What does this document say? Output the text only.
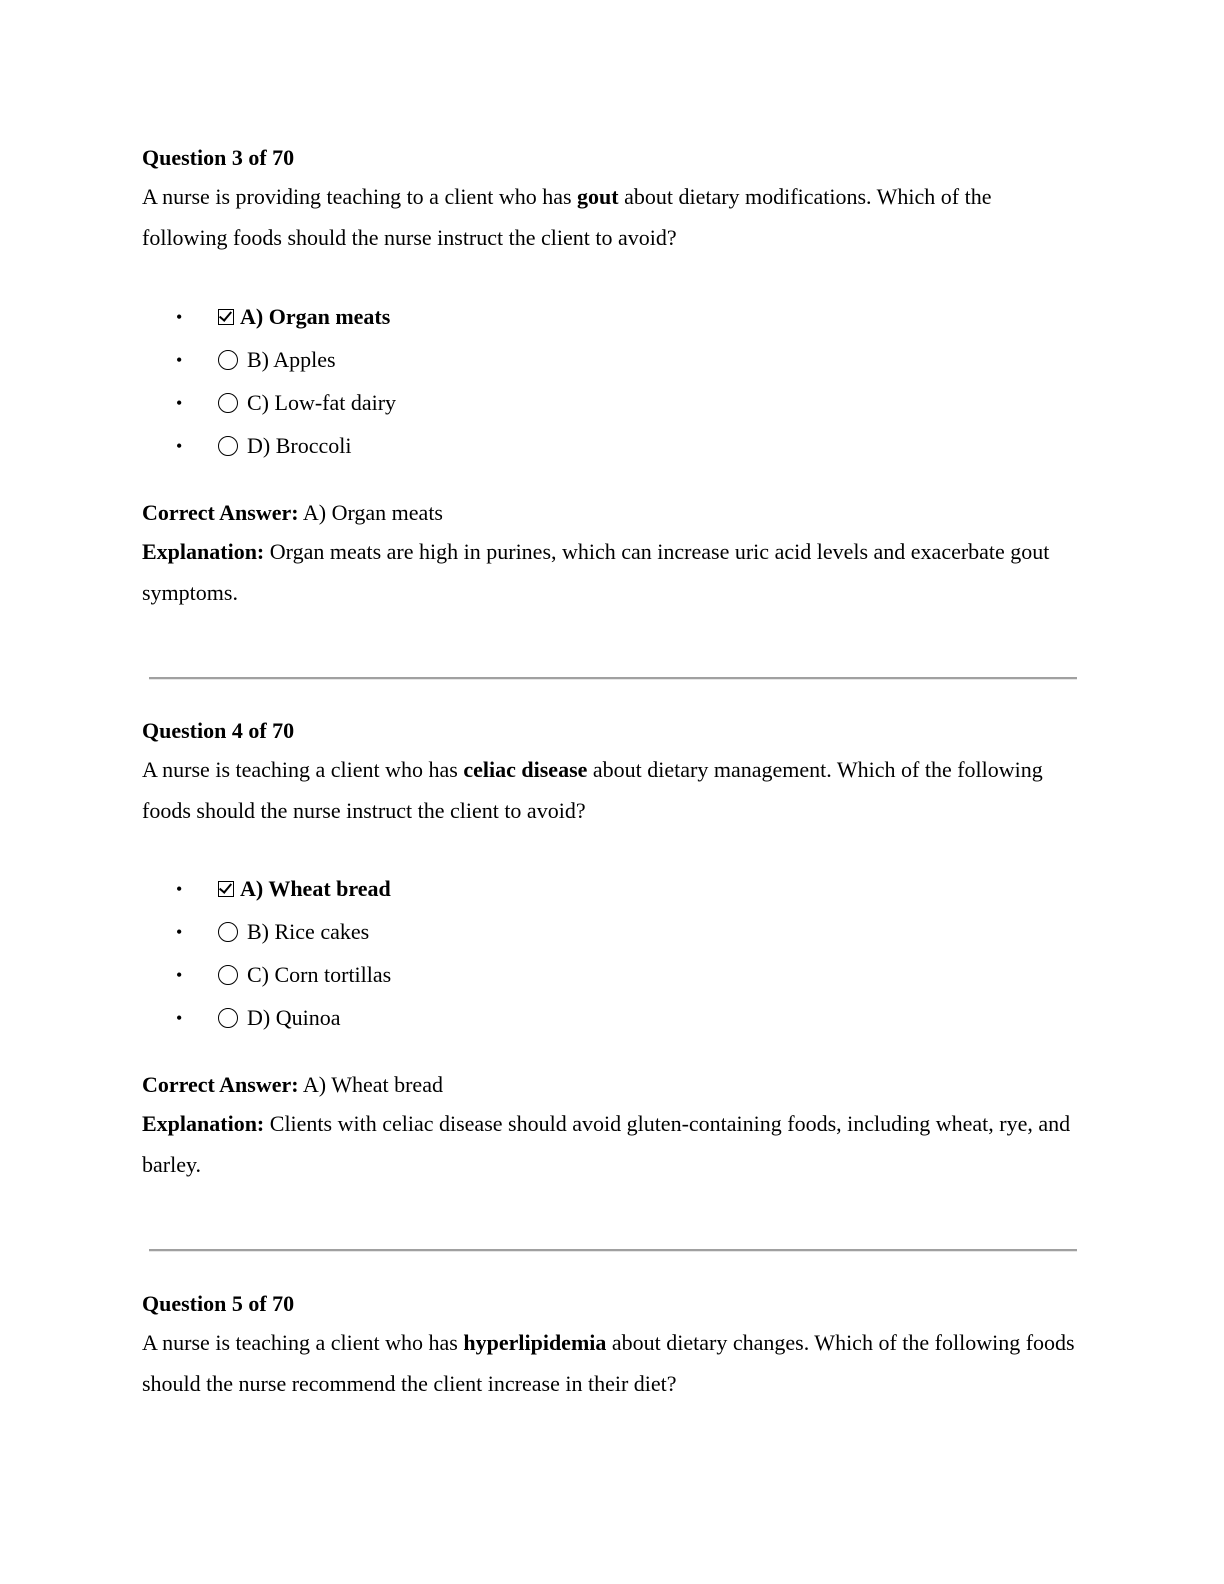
Question 3 of 70

A nurse is providing teaching to a client who has gout about dietary modifications. Which of the following foods should the nurse instruct the client to avoid?

•	A) Organ meats
•	B) Apples
•	C) Low-fat dairy
•	D) Broccoli

Correct Answer: A) Organ meats

Explanation: Organ meats are high in purines, which can increase uric acid levels and exacerbate gout symptoms.

Question 4 of 70

A nurse is teaching a client who has celiac disease about dietary management. Which of the following foods should the nurse instruct the client to avoid?

•	A) Wheat bread
•	B) Rice cakes
•	C) Corn tortillas
•	D) Quinoa

Correct Answer: A) Wheat bread

Explanation: Clients with celiac disease should avoid gluten-containing foods, including wheat, rye, and barley.

Question 5 of 70

A nurse is teaching a client who has hyperlipidemia about dietary changes. Which of the following foods should the nurse recommend the client increase in their diet?
